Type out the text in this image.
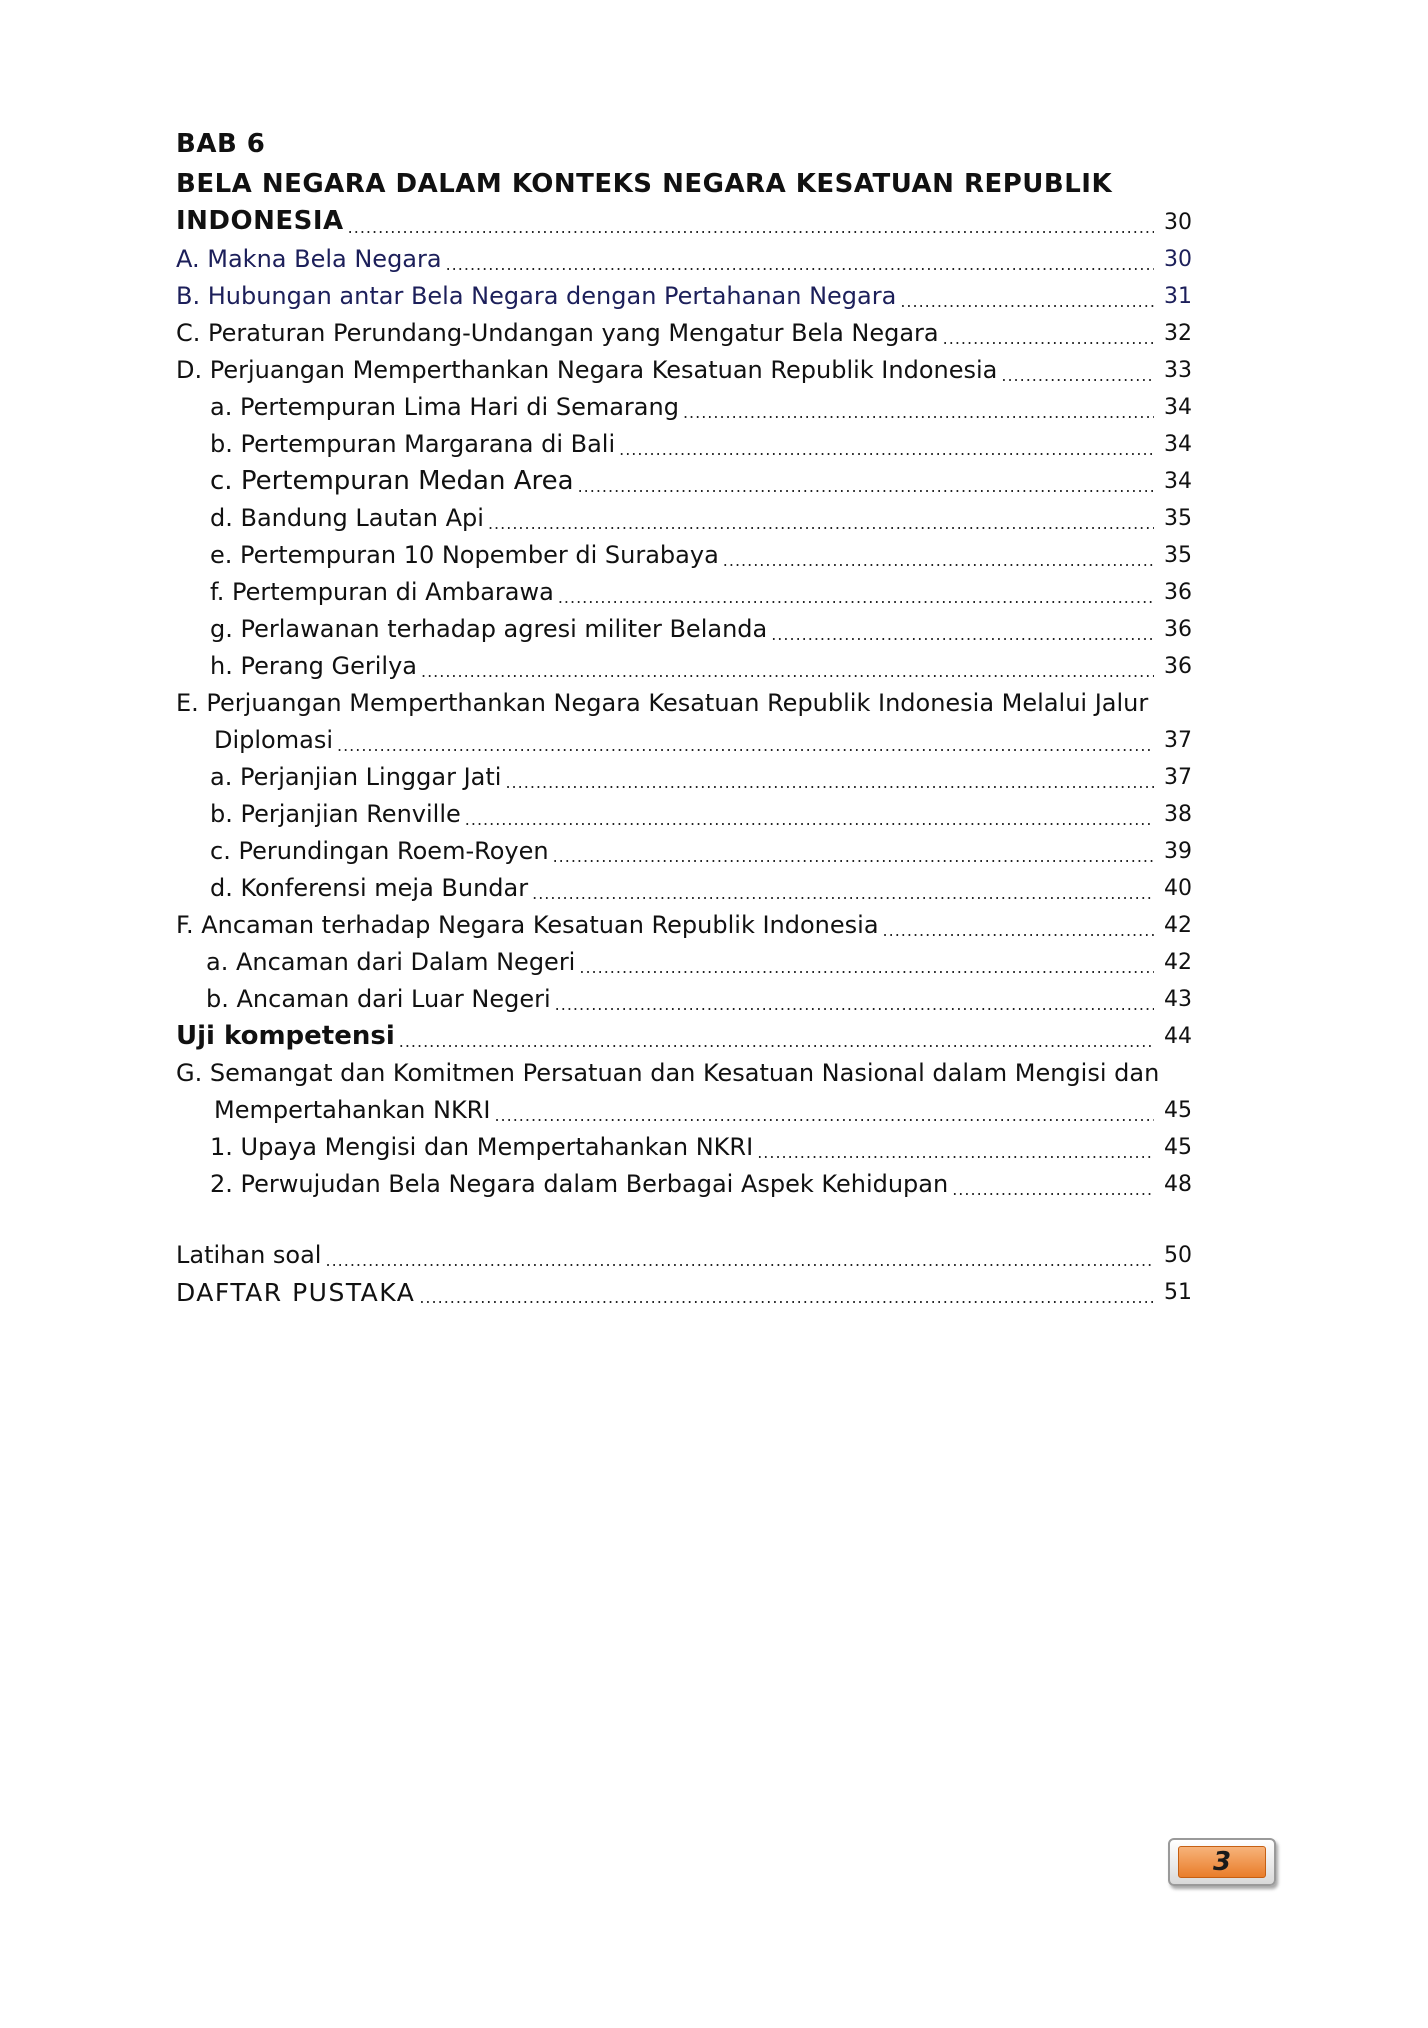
BAB 6
BELA NEGARA DALAM KONTEKS NEGARA KESATUAN REPUBLIK
INDONESIA .....	30
A. Makna Bela Negara .....	30
B. Hubungan antar Bela Negara dengan Pertahanan Negara .....	31
C. Peraturan Perundang-Undangan yang Mengatur Bela Negara .....	32
D. Perjuangan Memperthankan Negara Kesatuan Republik Indonesia .....	33
a. Pertempuran Lima Hari di Semarang .....	34
b. Pertempuran Margarana di Bali .....	34
c. Pertempuran Medan Area .....	34
d. Bandung Lautan Api .....	35
e. Pertempuran 10 Nopember di Surabaya .....	35
f. Pertempuran di Ambarawa .....	36
g. Perlawanan terhadap agresi militer Belanda .....	36
h. Perang Gerilya .....	36
E. Perjuangan Memperthankan Negara Kesatuan Republik Indonesia Melalui Jalur
Diplomasi .....	37
a. Perjanjian Linggar Jati .....	37
b. Perjanjian Renville .....	38
c. Perundingan Roem-Royen .....	39
d. Konferensi meja Bundar .....	40
F. Ancaman terhadap Negara Kesatuan Republik Indonesia .....	42
a. Ancaman dari Dalam Negeri .....	42
b. Ancaman dari Luar Negeri .....	43
Uji kompetensi .....	44
G. Semangat dan Komitmen Persatuan dan Kesatuan Nasional dalam Mengisi dan
Mempertahankan NKRI .....	45
1. Upaya Mengisi dan Mempertahankan NKRI .....	45
2. Perwujudan Bela Negara dalam Berbagai Aspek Kehidupan .....	48
Latihan soal .....	50
DAFTAR PUSTAKA .....	51
3
